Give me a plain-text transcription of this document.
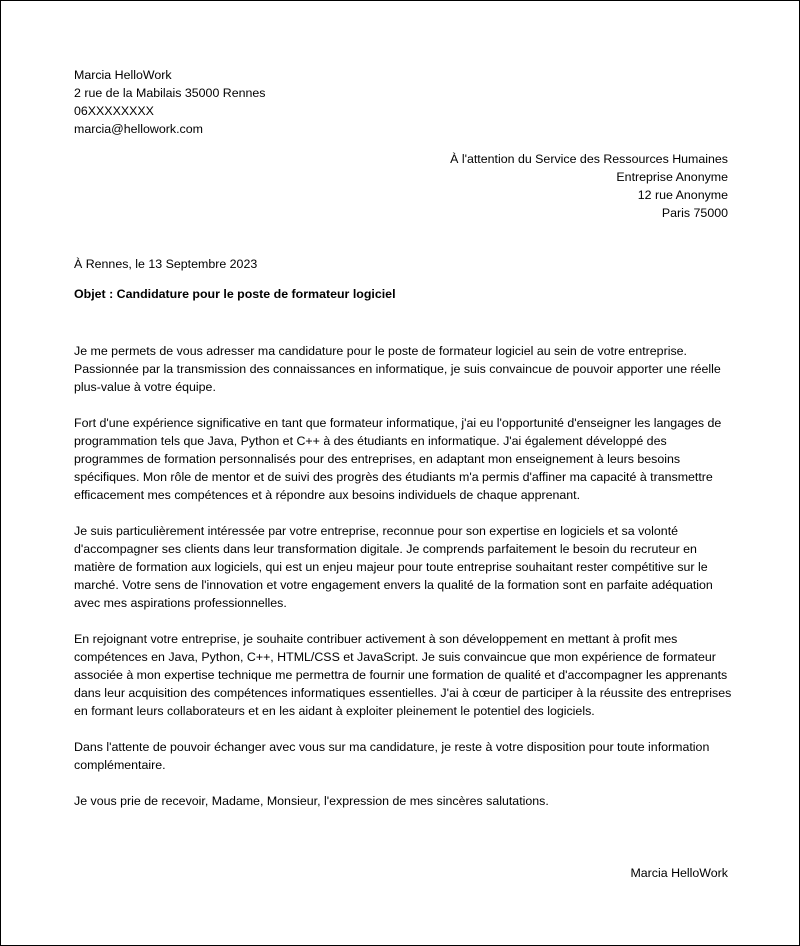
Marcia HelloWork
2 rue de la Mabilais 35000 Rennes
06XXXXXXXX
marcia@hellowork.com
À l'attention du Service des Ressources Humaines
Entreprise Anonyme
12 rue Anonyme
Paris 75000
À Rennes, le 13 Septembre 2023
Objet : Candidature pour le poste de formateur logiciel

Je me permets de vous adresser ma candidature pour le poste de formateur logiciel au sein de votre entreprise. Passionnée par la transmission des connaissances en informatique, je suis convaincue de pouvoir apporter une réelle plus-value à votre équipe.

Fort d'une expérience significative en tant que formateur informatique, j'ai eu l'opportunité d'enseigner les langages de programmation tels que Java, Python et C++ à des étudiants en informatique. J'ai également développé des programmes de formation personnalisés pour des entreprises, en adaptant mon enseignement à leurs besoins spécifiques. Mon rôle de mentor et de suivi des progrès des étudiants m'a permis d'affiner ma capacité à transmettre efficacement mes compétences et à répondre aux besoins individuels de chaque apprenant.

Je suis particulièrement intéressée par votre entreprise, reconnue pour son expertise en logiciels et sa volonté d'accompagner ses clients dans leur transformation digitale. Je comprends parfaitement le besoin du recruteur en matière de formation aux logiciels, qui est un enjeu majeur pour toute entreprise souhaitant rester compétitive sur le marché. Votre sens de l'innovation et votre engagement envers la qualité de la formation sont en parfaite adéquation avec mes aspirations professionnelles.

En rejoignant votre entreprise, je souhaite contribuer activement à son développement en mettant à profit mes compétences en Java, Python, C++, HTML/CSS et JavaScript. Je suis convaincue que mon expérience de formateur associée à mon expertise technique me permettra de fournir une formation de qualité et d'accompagner les apprenants dans leur acquisition des compétences informatiques essentielles. J'ai à cœur de participer à la réussite des entreprises en formant leurs collaborateurs et en les aidant à exploiter pleinement le potentiel des logiciels.

Dans l'attente de pouvoir échanger avec vous sur ma candidature, je reste à votre disposition pour toute information complémentaire.

Je vous prie de recevoir, Madame, Monsieur, l'expression de mes sincères salutations.

Marcia HelloWork
